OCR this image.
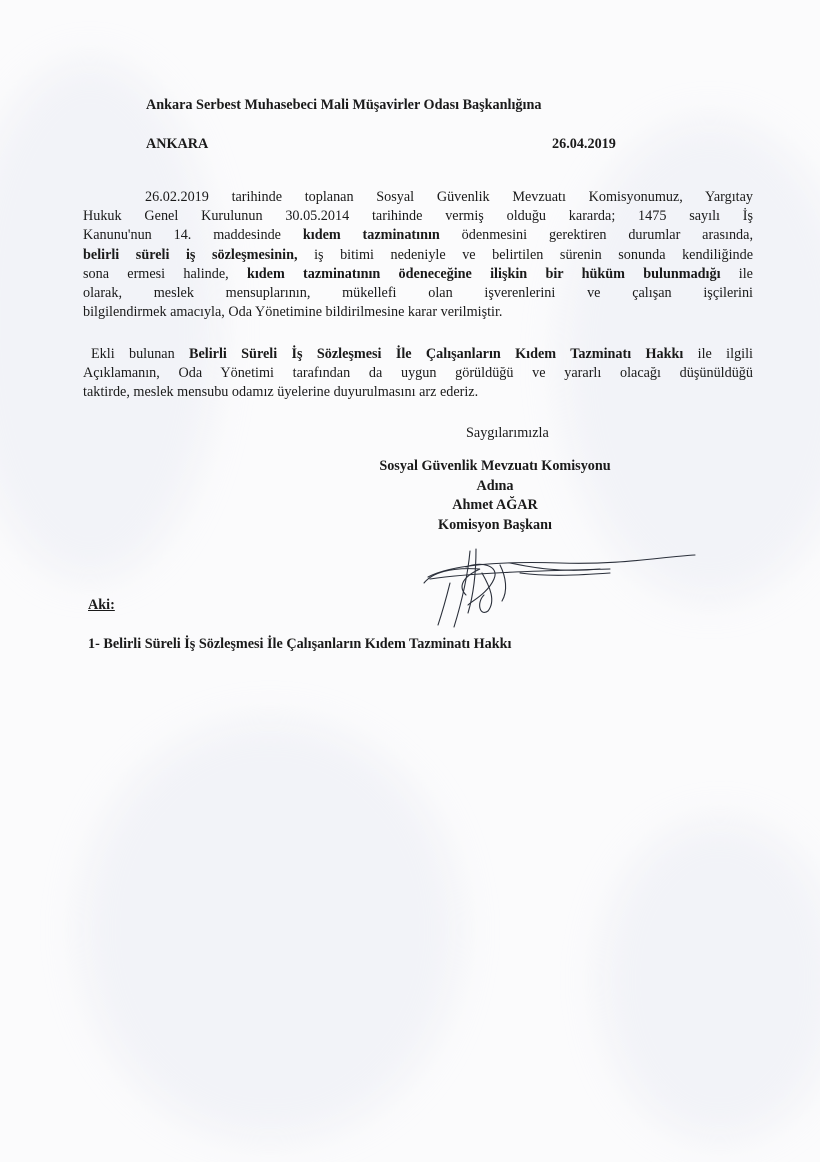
Ankara Serbest Muhasebeci Mali Müşavirler Odası Başkanlığına
ANKARA	26.04.2019
26.02.2019 tarihinde toplanan Sosyal Güvenlik Mevzuatı Komisyonumuz, Yargıtay
Hukuk Genel Kurulunun 30.05.2014 tarihinde vermiş olduğu kararda; 1475 sayılı İş
Kanunu'nun 14. maddesinde kıdem tazminatının ödenmesini gerektiren durumlar arasında,
belirli süreli iş sözleşmesinin, iş bitimi nedeniyle ve belirtilen sürenin sonunda kendiliğinde
sona ermesi halinde, kıdem tazminatının ödeneceğine ilişkin bir hüküm bulunmadığı ile
olarak, meslek mensuplarının, mükellefi olan işverenlerini ve çalışan işçilerini
bilgilendirmek amacıyla, Oda Yönetimine bildirilmesine karar verilmiştir.
Ekli bulunan Belirli Süreli İş Sözleşmesi İle Çalışanların Kıdem Tazminatı Hakkı ile ilgili
Açıklamanın, Oda Yönetimi tarafından da uygun görüldüğü ve yararlı olacağı düşünüldüğü
taktirde, meslek mensubu odamız üyelerine duyurulmasını arz ederiz.
Saygılarımızla
Sosyal Güvenlik Mevzuatı Komisyonu
Adına
Ahmet AĞAR
Komisyon Başkanı
Aki:
1- Belirli Süreli İş Sözleşmesi İle Çalışanların Kıdem Tazminatı Hakkı
